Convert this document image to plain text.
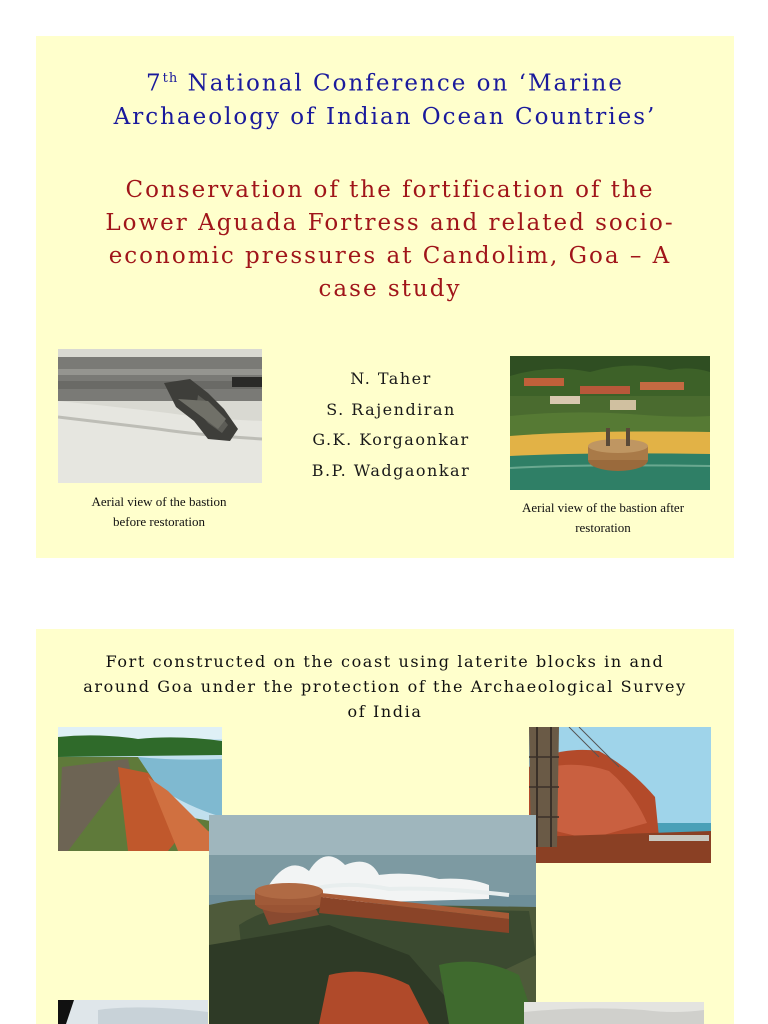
7th National Conference on ‘Marine
Archaeology of Indian Ocean Countries’
Conservation of the fortification of the
Lower Aguada Fortress and related socio-
economic pressures at Candolim, Goa – A
case study
Aerial view of the bastion
before restoration
N. Taher
S. Rajendiran
G.K. Korgaonkar
B.P. Wadgaonkar
Aerial view of the bastion after
restoration
Fort constructed on the coast using laterite blocks in and
around Goa under the protection of the Archaeological Survey
of India
